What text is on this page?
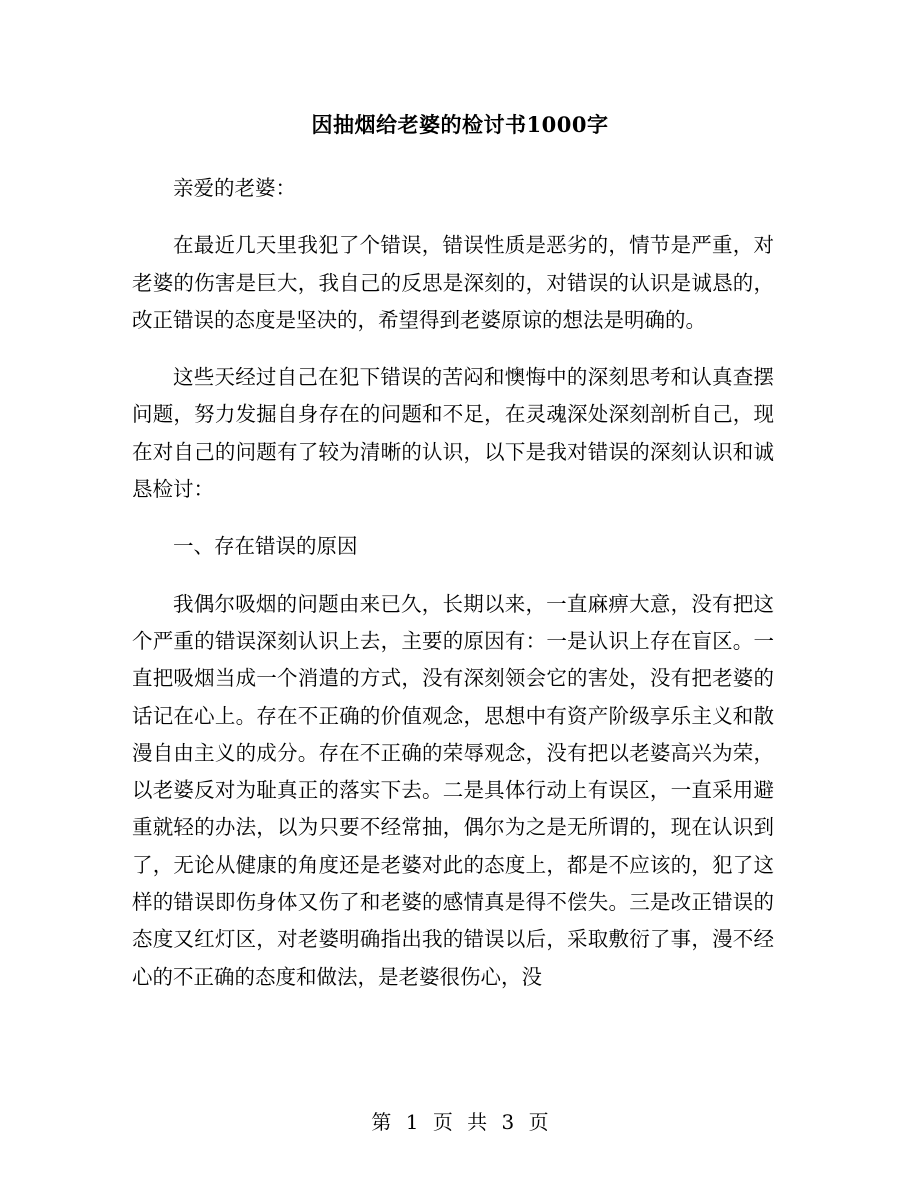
因抽烟给老婆的检讨书1000字

亲爱的老婆：

在最近几天里我犯了个错误，错误性质是恶劣的，情节是严重，对老婆的伤害是巨大，我自己的反思是深刻的，对错误的认识是诚恳的，改正错误的态度是坚决的，希望得到老婆原谅的想法是明确的。

这些天经过自己在犯下错误的苦闷和懊悔中的深刻思考和认真查摆问题，努力发掘自身存在的问题和不足，在灵魂深处深刻剖析自己，现在对自己的问题有了较为清晰的认识，以下是我对错误的深刻认识和诚恳检讨：

一、存在错误的原因

我偶尔吸烟的问题由来已久，长期以来，一直麻痹大意，没有把这个严重的错误深刻认识上去，主要的原因有：一是认识上存在盲区。一直把吸烟当成一个消遣的方式，没有深刻领会它的害处，没有把老婆的话记在心上。存在不正确的价值观念，思想中有资产阶级享乐主义和散漫自由主义的成分。存在不正确的荣辱观念，没有把以老婆高兴为荣，以老婆反对为耻真正的落实下去。二是具体行动上有误区，一直采用避重就轻的办法，以为只要不经常抽，偶尔为之是无所谓的，现在认识到了，无论从健康的角度还是老婆对此的态度上，都是不应该的，犯了这样的错误即伤身体又伤了和老婆的感情真是得不偿失。三是改正错误的态度又红灯区，对老婆明确指出我的错误以后，采取敷衍了事，漫不经心的不正确的态度和做法，是老婆很伤心，没

第 1 页 共 3 页
